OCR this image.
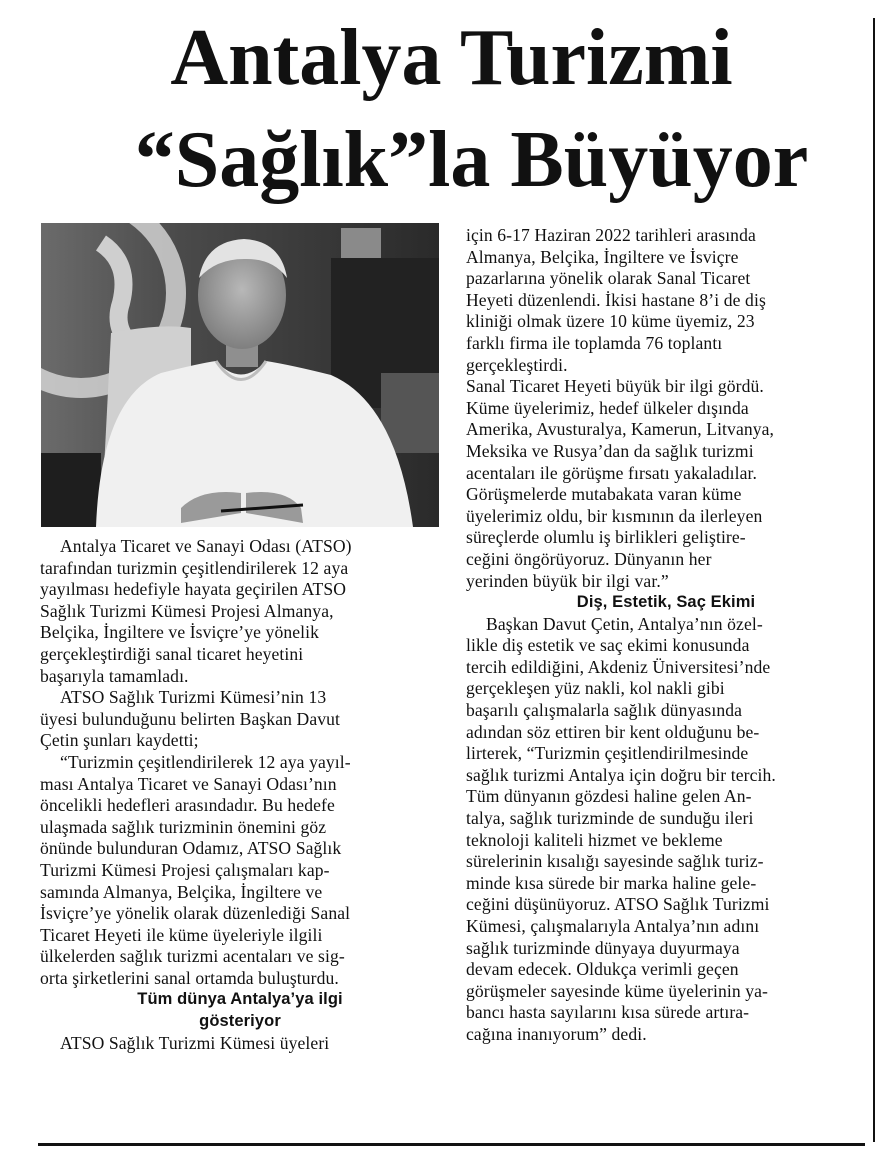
Antalya Turizmi
“Sağlık”la Büyüyor

Antalya Ticaret ve Sanayi Odası (ATSO)
tarafından turizmin çeşitlendirilerek 12 aya
yayılması hedefiyle hayata geçirilen ATSO
Sağlık Turizmi Kümesi Projesi Almanya,
Belçika, İngiltere ve İsviçre’ye yönelik
gerçekleştirdiği sanal ticaret heyetini
başarıyla tamamladı.

ATSO Sağlık Turizmi Kümesi’nin 13
üyesi bulunduğunu belirten Başkan Davut
Çetin şunları kaydetti;

“Turizmin çeşitlendirilerek 12 aya yayıl-
ması Antalya Ticaret ve Sanayi Odası’nın
öncelikli hedefleri arasındadır. Bu hedefe
ulaşmada sağlık turizminin önemini göz
önünde bulunduran Odamız, ATSO Sağlık
Turizmi Kümesi Projesi çalışmaları kap-
samında Almanya, Belçika, İngiltere ve
İsviçre’ye yönelik olarak düzenlediği Sanal
Ticaret Heyeti ile küme üyeleriyle ilgili
ülkelerden sağlık turizmi acentaları ve sig-
orta şirketlerini sanal ortamda buluşturdu.

Tüm dünya Antalya’ya ilgi
gösteriyor

ATSO Sağlık Turizmi Kümesi üyeleri

için 6-17 Haziran 2022 tarihleri arasında
Almanya, Belçika, İngiltere ve İsviçre
pazarlarına yönelik olarak Sanal Ticaret
Heyeti düzenlendi. İkisi hastane 8’i de diş
kliniği olmak üzere 10 küme üyemiz, 23
farklı firma ile toplamda 76 toplantı
gerçekleştirdi.

Sanal Ticaret Heyeti büyük bir ilgi gördü.
Küme üyelerimiz, hedef ülkeler dışında
Amerika, Avusturalya, Kamerun, Litvanya,
Meksika ve Rusya’dan da sağlık turizmi
acentaları ile görüşme fırsatı yakaladılar.
Görüşmelerde mutabakata varan küme
üyelerimiz oldu, bir kısmının da ilerleyen
süreçlerde olumlu iş birlikleri geliştire-
ceğini öngörüyoruz. Dünyanın her
yerinden büyük bir ilgi var.”

Diş, Estetik, Saç Ekimi

Başkan Davut Çetin, Antalya’nın özel-
likle diş estetik ve saç ekimi konusunda
tercih edildiğini, Akdeniz Üniversitesi’nde
gerçekleşen yüz nakli, kol nakli gibi
başarılı çalışmalarla sağlık dünyasında
adından söz ettiren bir kent olduğunu be-
lirterek, “Turizmin çeşitlendirilmesinde
sağlık turizmi Antalya için doğru bir tercih.
Tüm dünyanın gözdesi haline gelen An-
talya, sağlık turizminde de sunduğu ileri
teknoloji kaliteli hizmet ve bekleme
sürelerinin kısalığı sayesinde sağlık turiz-
minde kısa sürede bir marka haline gele-
ceğini düşünüyoruz. ATSO Sağlık Turizmi
Kümesi, çalışmalarıyla Antalya’nın adını
sağlık turizminde dünyaya duyurmaya
devam edecek. Oldukça verimli geçen
görüşmeler sayesinde küme üyelerinin ya-
bancı hasta sayılarını kısa sürede artıra-
cağına inanıyorum” dedi.
